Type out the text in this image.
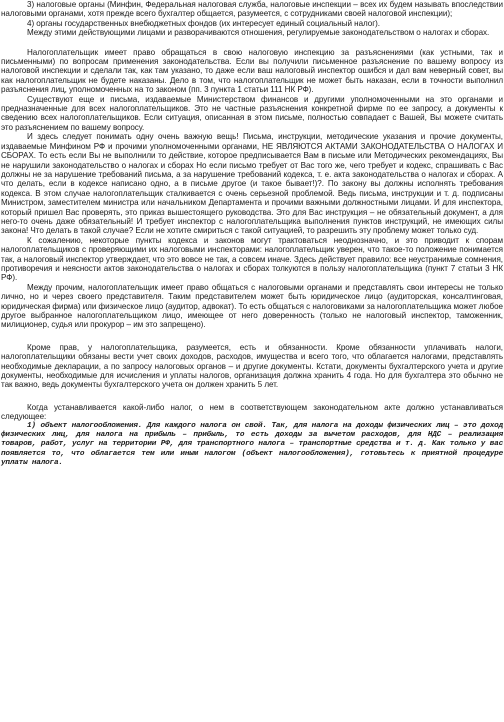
3) налоговые органы (Минфин, Федеральная налоговая служба, налоговые инспекции – всех их будем называть впоследствии налоговыми органами, хотя прежде всего бухгалтер общается, разумеется, с сотрудниками своей налоговой инспекции);

4) органы государственных внебюджетных фондов (их интересует единый социальный налог).

Между этими действующими лицами и разворачиваются отношения, регулируемые законодательством о налогах и сборах.

Налогоплательщик имеет право обращаться в свою налоговую инспекцию за разъяснениями (как устными, так и письменными) по вопросам применения законодательства. Если вы получили письменное разъяснение по вашему вопросу из налоговой инспекции и сделали так, как там указано, то даже если ваш налоговый инспектор ошибся и дал вам неверный совет, вы как налогоплательщик не будете наказаны. Дело в том, что налогоплательщик не может быть наказан, если в точности выполнил разъяснения лиц, уполномоченных на то законом (пп. 3 пункта 1 статьи 111 НК РФ).

Существуют еще и письма, издаваемые Министерством финансов и другими уполномоченными на это органами и предназначенные для всех налогоплательщиков. Это не частные разъяснения конкретной фирме по ее запросу, а документы к сведению всех налогоплательщиков. Если ситуация, описанная в этом письме, полностью совпадает с Вашей, Вы можете считать это разъяснением по вашему вопросу.

И здесь следует понимать одну очень важную вещь! Письма, инструкции, методические указания и прочие документы, издаваемые Минфином РФ и прочими уполномоченными органами, НЕ ЯВЛЯЮТСЯ АКТАМИ ЗАКОНОДАТЕЛЬСТВА О НАЛОГАХ И СБОРАХ. То есть если Вы не выполнили то действие, которое предписывается Вам в письме или Методических рекомендациях, Вы не нарушили законодательство о налогах и сборах Но если письмо требует от Вас того же, чего требует и кодекс, спрашивать с Вас должны не за нарушение требований письма, а за нарушение требований кодекса, т. е. акта законодательства о налогах и сборах. А что делать, если в кодексе написано одно, а в письме другое (и такое бывает!)?. По закону вы должны исполнять требования кодекса. В этом случае налогоплательщик сталкивается с очень серьезной проблемой. Ведь письма, инструкции и т. д. подписаны Министром, заместителем министра или начальником Департамента и прочими важными должностными лицами. И для инспектора, который пришел Вас проверять, это приказ вышестоящего руководства. Это для Вас инструкция – не обязательный документ, а для него-то очень даже обязательный! И требует инспектор с налогоплательщика выполнения пунктов инструкций, не имеющих силы закона! Что делать в такой случае? Если не хотите смириться с такой ситуацией, то разрешить эту проблему может только суд.

К сожалению, некоторые пункты кодекса и законов могут трактоваться неоднозначно, и это приводит к спорам налогоплательщиков с проверяющими их налоговыми инспекторами: налогоплательщик уверен, что такое-то положение понимается так, а налоговый инспектор утверждает, что это вовсе не так, а совсем иначе. Здесь действует правило: все неустранимые сомнения, противоречия и неясности актов законодательства о налогах и сборах толкуются в пользу налогоплательщика (пункт 7 статьи 3 НК РФ).

Между прочим, налогоплательщик имеет право общаться с налоговыми органами и представлять свои интересы не только лично, но и через своего представителя. Таким представителем может быть юридическое лицо (аудиторская, консалтинговая, юридическая фирма) или физическое лицо (аудитор, адвокат). То есть общаться с налоговиками за налогоплательщика может любое другое выбранное налогоплательщиком лицо, имеющее от него доверенность (только не налоговый инспектор, таможенник, милиционер, судья или прокурор – им это запрещено).

Кроме прав, у налогоплательщика, разумеется, есть и обязанности. Кроме обязанности уплачивать налоги, налогоплательщики обязаны вести учет своих доходов, расходов, имущества и всего того, что облагается налогами, представлять необходимые декларации, а по запросу налоговых органов – и другие документы. Кстати, документы бухгалтерского учета и другие документы, необходимые для исчисления и уплаты налогов, организация должна хранить 4 года. Но для бухгалтера это обычно не так важно, ведь документы бухгалтерского учета он должен хранить 5 лет.

Когда устанавливается какой-либо налог, о нем в соответствующем законодательном акте должно устанавливаться следующее:

1) объект налогообложения. Для каждого налога он свой. Так, для налога на доходы физических лиц – это доход физических лиц, для налога на прибыль – прибыль, то есть доходы за вычетом расходов, для НДС – реализация товаров, работ, услуг на территории РФ, для транспортного налога – транспортные средства и т. д. Как только у вас появляется то, что облагается тем или иным налогом (объект налогообложения), готовьтесь к приятной процедуре уплаты налога.
